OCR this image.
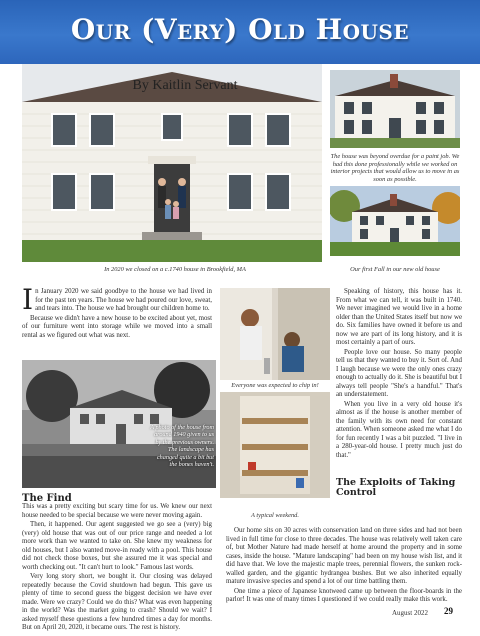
Our (Very) Old House
By Kaitlin Servant
The house was beyond overdue for a paint job. We had this done professionally while we worked on interior projects that would allow us to move in as soon as possible.
In 2020 we closed on a c.1740 house in Brookfield, MA	Our first Fall in our new old house

In January 2020 we said goodbye to the house we had lived in for the past ten years. The house we had poured our love, sweat, and tears into. The house we had brought our children home to.

Because we didn't have a new house to be excited about yet, most of our furniture went into storage while we moved into a small rental as we figured out what was next.

A photo of the house from around 1940 given to us by the previous owners. The landscape has changed quite a bit but the bones haven't.
The Find

This was a pretty exciting but scary time for us. We knew our next house needed to be special because we were never moving again.

Then, it happened. Our agent suggested we go see a (very) big (very) old house that was out of our price range and needed a lot more work than we wanted to take on. She knew my weakness for old houses, but I also wanted move-in ready with a pool. This house did not check those boxes, but she assured me it was special and worth checking out. "It can't hurt to look." Famous last words.

Very long story short, we bought it. Our closing was delayed repeatedly because the Covid shutdown had begun. This gave us plenty of time to second guess the biggest decision we have ever made. Were we crazy? Could we do this? What was even happening in the world? Was the market going to crash? Should we wait? I asked myself these questions a few hundred times a day for months. But on April 20, 2020, it became ours. The rest is history.

Everyone was expected to chip in!
A typical weekend.

Speaking of history, this house has it. From what we can tell, it was built in 1740. We never imagined we would live in a home older than the United States itself but now we do. Six families have owned it before us and now we are part of its long history, and it is most certainly a part of ours.

People love our house. So many people tell us that they wanted to buy it. Sort of. And I laugh because we were the only ones crazy enough to actually do it. She is beautiful but I always tell people "She's a handful." That's an understatement.

When you live in a very old house it's almost as if the house is another member of the family with its own need for constant attention. When someone asked me what I do for fun recently I was a bit puzzled. "I live in a 280-year-old house. I pretty much just do that."

The Exploits of Taking Control

Our home sits on 30 acres with conservation land on three sides and had not been lived in full time for close to three decades. The house was relatively well taken care of, but Mother Nature had made herself at home around the property and in some cases, inside the house. "Mature landscaping" had been on my house wish list, and it did have that. We love the majestic maple trees, perennial flowers, the sunken rock-walled garden, and the gigantic hydrangea bushes. But we also inherited equally mature invasive species and spend a lot of our time battling them.

One time a piece of Japanese knotweed came up between the floor-boards in the parlor! It was one of many times I questioned if we could really make this work.

August 2022 29
